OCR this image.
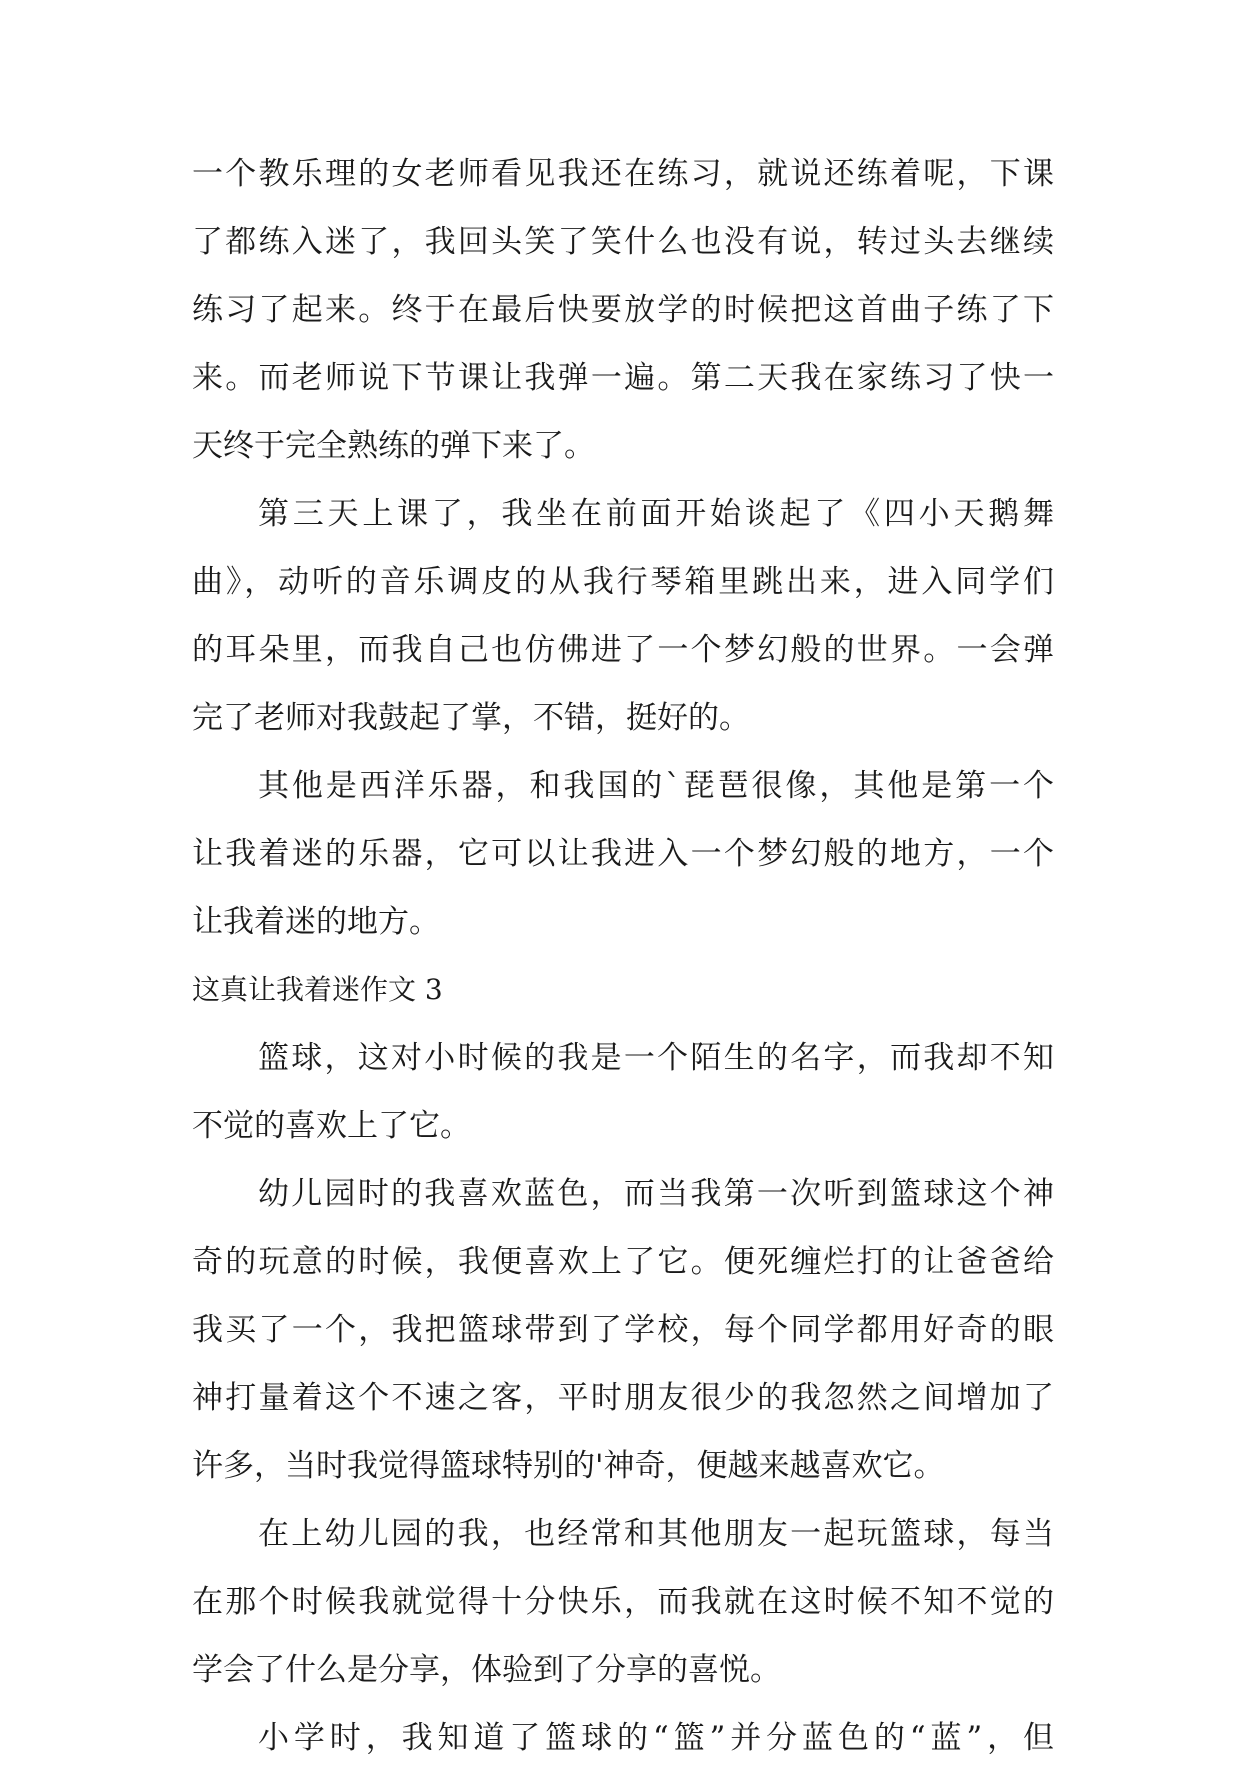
一个教乐理的女老师看见我还在练习，就说还练着呢，下课
了都练入迷了，我回头笑了笑什么也没有说，转过头去继续
练习了起来。终于在最后快要放学的时候把这首曲子练了下
来。而老师说下节课让我弹一遍。第二天我在家练习了快一
天终于完全熟练的弹下来了。
第三天上课了，我坐在前面开始谈起了《四小天鹅舞
曲》，动听的音乐调皮的从我行琴箱里跳出来，进入同学们
的耳朵里，而我自己也仿佛进了一个梦幻般的世界。一会弹
完了老师对我鼓起了掌，不错，挺好的。
其他是西洋乐器，和我国的`琵琶很像，其他是第一个
让我着迷的乐器，它可以让我进入一个梦幻般的地方，一个
让我着迷的地方。
这真让我着迷作文 3
篮球，这对小时候的我是一个陌生的名字，而我却不知
不觉的喜欢上了它。
幼儿园时的我喜欢蓝色，而当我第一次听到篮球这个神
奇的玩意的时候，我便喜欢上了它。便死缠烂打的让爸爸给
我买了一个，我把篮球带到了学校，每个同学都用好奇的眼
神打量着这个不速之客，平时朋友很少的我忽然之间增加了
许多，当时我觉得篮球特别的'神奇，便越来越喜欢它。
在上幼儿园的我，也经常和其他朋友一起玩篮球，每当
在那个时候我就觉得十分快乐，而我就在这时候不知不觉的
学会了什么是分享，体验到了分享的喜悦。
小学时，我知道了篮球的“篮”并分蓝色的“蓝”，但
